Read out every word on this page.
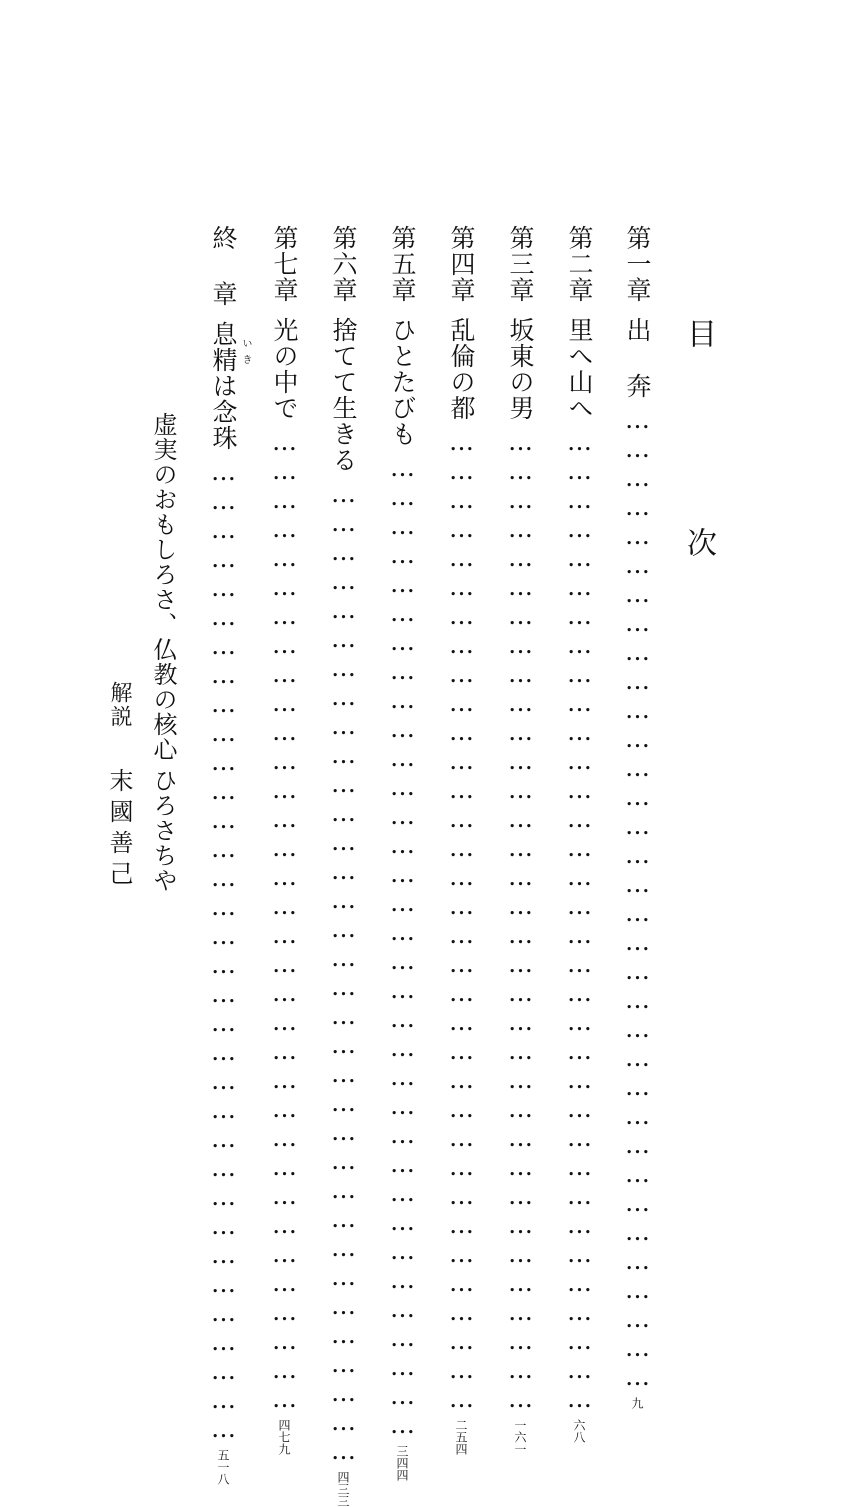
目 次
第一章
出 奔
…………………………………………………………………………………………
九
第二章
里へ山へ
…………………………………………………………………………………………
六八
第三章
坂東の男
…………………………………………………………………………………………
一六一
第四章
乱倫の都
…………………………………………………………………………………………
二五四
第五章
ひとたびも
…………………………………………………………………………………………
三四四
第六章
捨てて生きる
…………………………………………………………………………………………
四三三
第七章
光の中で
…………………………………………………………………………………………
四七九
終 章
息精は念珠
…………………………………………………………………………………………
五一八
いき
虚実のおもしろさ、仏教の核心
ひろさちや
解説
末國善己
